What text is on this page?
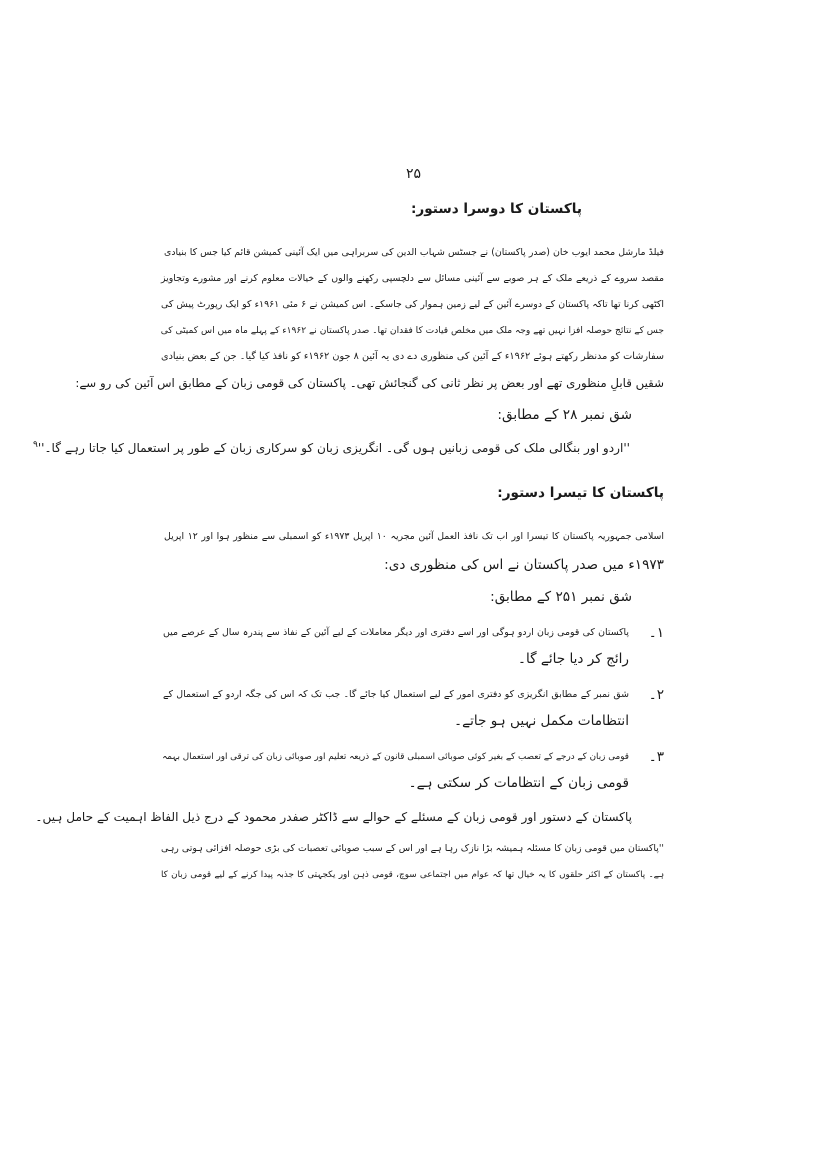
۲۵
پاکستان کا دوسرا دستور:
فیلڈ مارشل محمد ایوب خان (صدر پاکستان) نے جسٹس شہاب الدین کی سربراہی میں ایک آئینی کمیشن قائم کیا جس کا بنیادی
مقصد سروے کے ذریعے ملک کے ہر صوبے سے آئینی مسائل سے دلچسپی رکھنے والوں کے خیالات معلوم کرنے اور مشورے وتجاویز
اکٹھی کرنا تھا تاکہ پاکستان کے دوسرے آئین کے لیے زمین ہموار کی جاسکے۔ اس کمیشن نے ۶ مئی ۱۹۶۱ء کو ایک رپورٹ پیش کی
جس کے نتائج حوصلہ افزا نہیں تھے وجہ ملک میں مخلص قیادت کا فقدان تھا۔ صدر پاکستان نے ۱۹۶۲ء کے پہلے ماہ میں اس کمیٹی کی
سفارشات کو مدنظر رکھتے ہوئے ۱۹۶۲ء کے آئین کی منظوری دے دی یہ آئین ۸ جون ۱۹۶۲ء کو نافذ کیا گیا۔ جن کے بعض بنیادی
شقیں قابلِ منظوری تھے اور بعض پر نظر ثانی کی گنجائش تھی۔ پاکستان کی قومی زبان کے مطابق اس آئین کی رو سے:
شق نمبر ۲۸ کے مطابق:
''اردو اور بنگالی ملک کی قومی زبانیں ہوں گی۔ انگریزی زبان کو سرکاری زبان کے طور پر استعمال کیا جاتا رہے $گا۔''^۹$
پاکستان کا تیسرا دستور:
اسلامی جمہوریہ پاکستان کا تیسرا اور اب تک نافذ العمل آئین مجریہ ۱۰ اپریل ۱۹۷۳ء کو اسمبلی سے منظور ہوا اور ۱۲ اپریل
۱۹۷۳ء میں صدر پاکستان نے اس کی منظوری دی:
شق نمبر ۲۵۱ کے مطابق:
۱۔
پاکستان کی قومی زبان اردو ہوگی اور اسے دفتری اور دیگر معاملات کے لیے آئین کے نفاذ سے پندرہ سال کے عرصے میں
رائج کر دیا جائے گا۔
۲۔
شق نمبر کے مطابق انگریزی کو دفتری امور کے لیے استعمال کیا جائے گا۔ جب تک کہ اس کی جگہ اردو کے استعمال کے
انتظامات مکمل نہیں ہو جاتے۔
۳۔
قومی زبان کے درجے کے تعصب کے بغیر کوئی صوبائی اسمبلی قانون کے ذریعہ تعلیم اور صوبائی زبان کی ترقی اور استعمال بہمہ
قومی زبان کے انتظامات کر سکتی ہے۔
پاکستان کے دستور اور قومی زبان کے مسئلے کے حوالے سے ڈاکٹر صفدر محمود کے درج ذیل الفاظ اہمیت کے حامل ہیں۔
''پاکستان میں قومی زبان کا مسئلہ ہمیشہ بڑا نازک رہا ہے اور اس کے سبب صوبائی تعصبات کی بڑی حوصلہ افزائی ہوتی رہی
ہے۔ پاکستان کے اکثر حلقوں کا یہ خیال تھا کہ عوام میں اجتماعی سوچ، قومی ذہن اور یکجہتی کا جذبہ پیدا کرنے کے لیے قومی زبان کا
